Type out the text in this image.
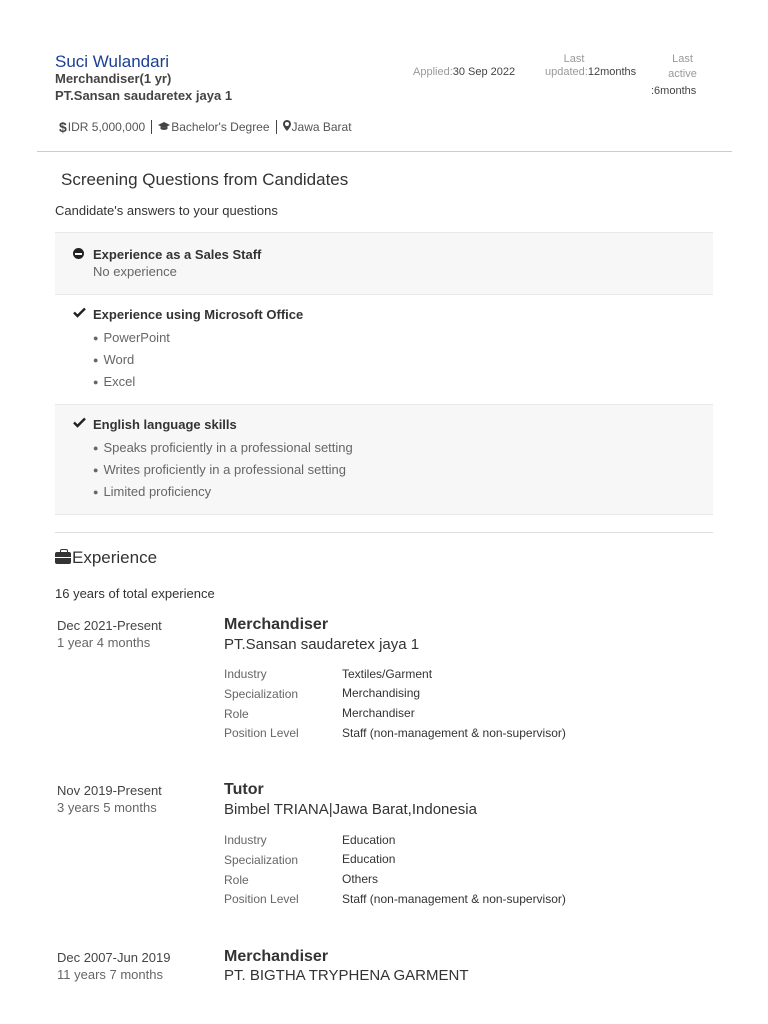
Suci Wulandari
Merchandiser(1 yr)
PT.Sansan saudaretex jaya 1
Applied:30 Sep 2022
Last
updated:12months
Last
active
:6months
$ IDR 5,000,000 Bachelor's Degree Jawa Barat
Screening Questions from Candidates
Candidate's answers to your questions
Experience as a Sales Staff
No experience
Experience using Microsoft Office
● PowerPoint
● Word
● Excel
English language skills
● Speaks proficiently in a professional setting
● Writes proficiently in a professional setting
● Limited proficiency
Experience
16 years of total experience
Dec 2021-Present
1 year 4 months
Merchandiser
PT.Sansan saudaretex jaya 1
Industry	Textiles/Garment
Specialization	Merchandising
Role	Merchandiser
Position Level	Staff (non-management & non-supervisor)
Nov 2019-Present
3 years 5 months
Tutor
Bimbel TRIANA|Jawa Barat,Indonesia
Industry	Education
Specialization	Education
Role	Others
Position Level	Staff (non-management & non-supervisor)
Dec 2007-Jun 2019
11 years 7 months
Merchandiser
PT. BIGTHA TRYPHENA GARMENT
